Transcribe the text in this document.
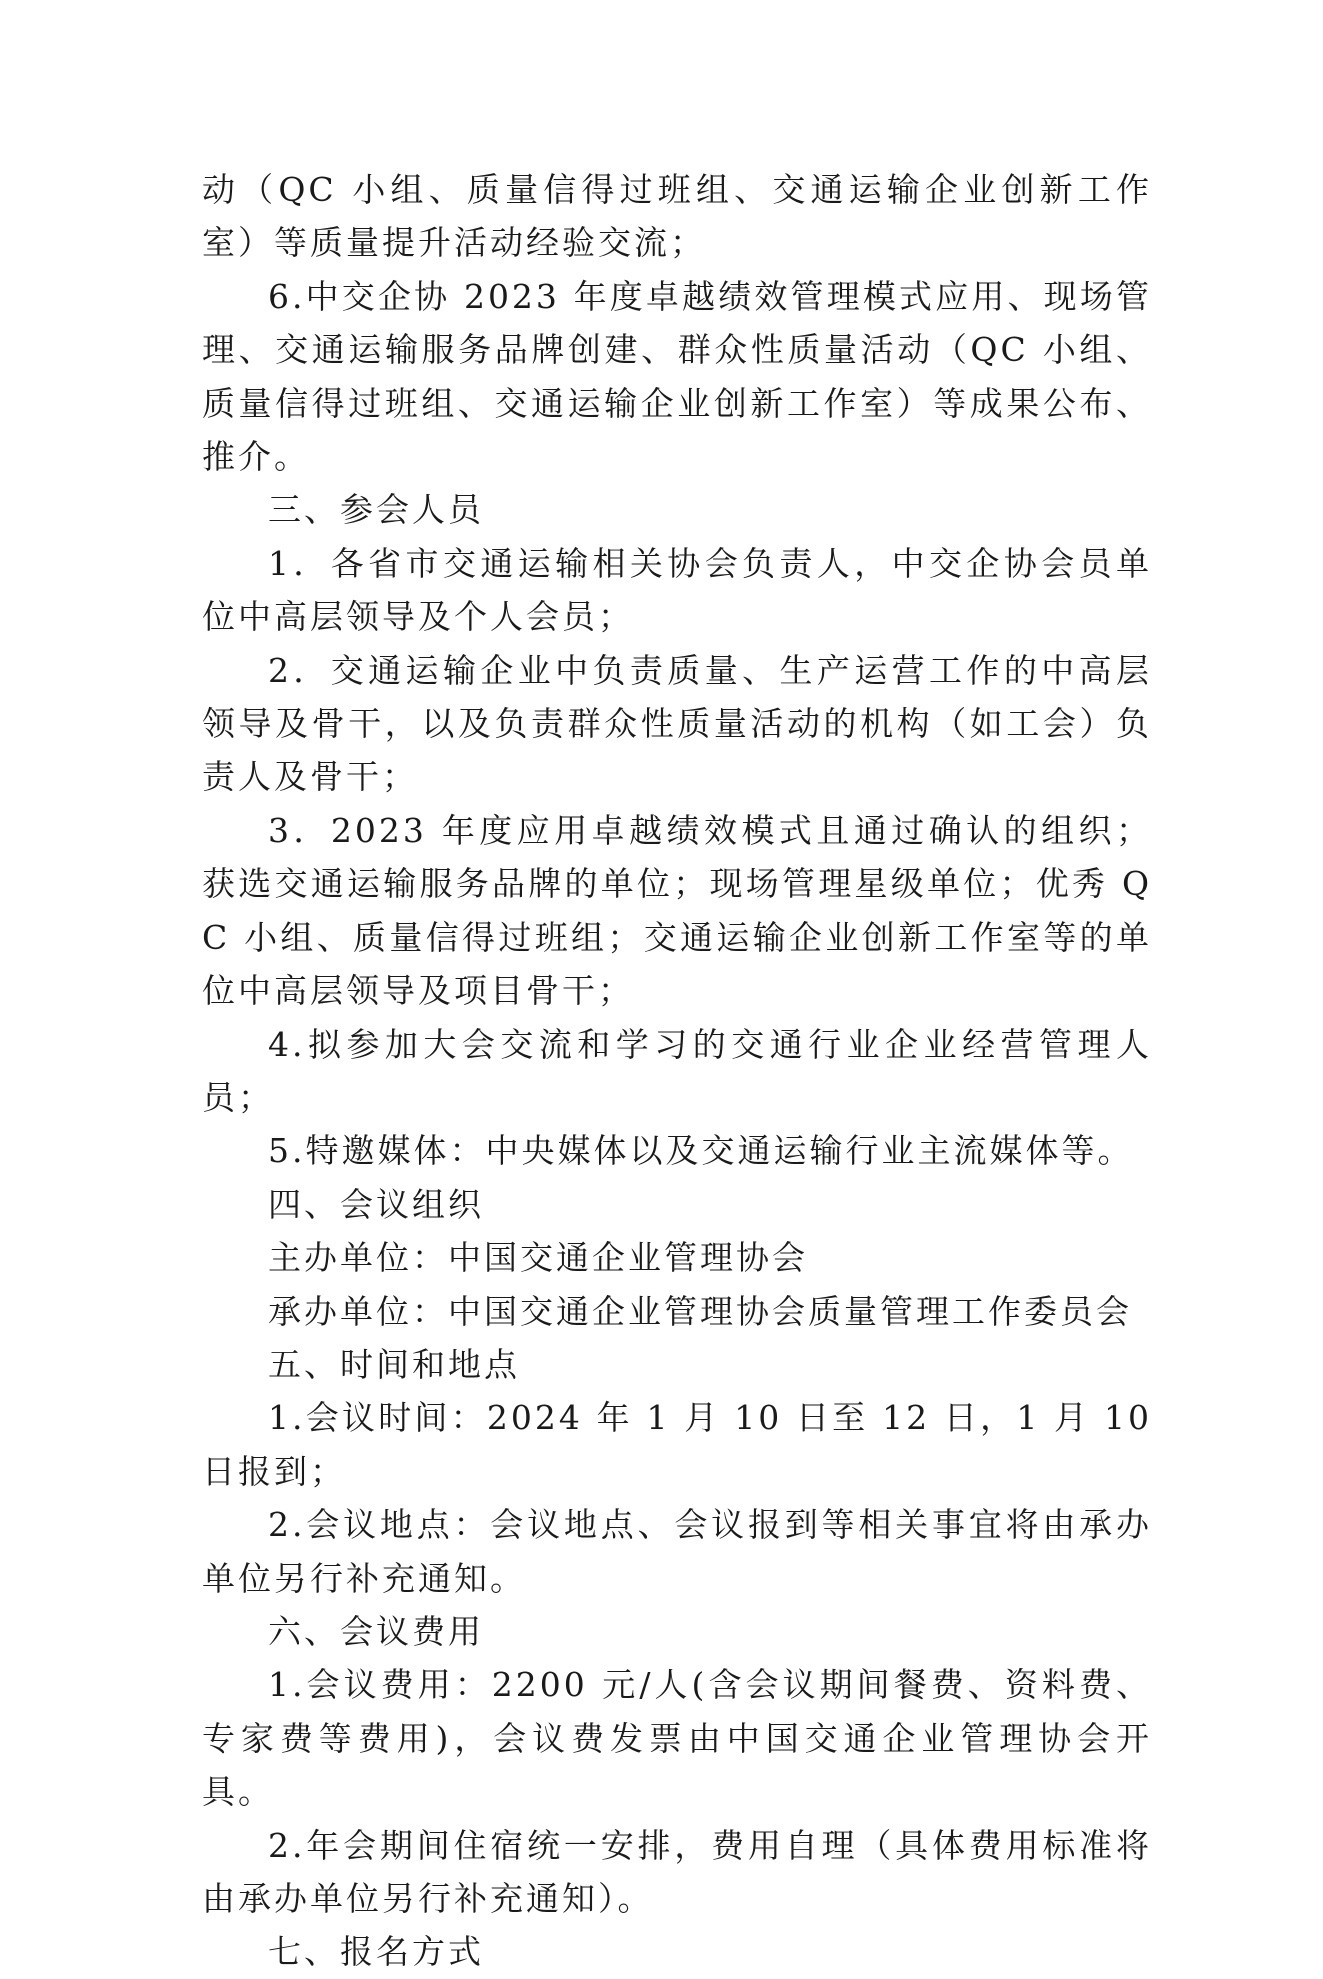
动（QC 小组、质量信得过班组、交通运输企业创新工作室）等质量提升活动经验交流；

6.中交企协 2023 年度卓越绩效管理模式应用、现场管理、交通运输服务品牌创建、群众性质量活动（QC 小组、质量信得过班组、交通运输企业创新工作室）等成果公布、推介。

三、参会人员

1．各省市交通运输相关协会负责人，中交企协会员单位中高层领导及个人会员；

2．交通运输企业中负责质量、生产运营工作的中高层领导及骨干，以及负责群众性质量活动的机构（如工会）负责人及骨干；

3．2023 年度应用卓越绩效模式且通过确认的组织；获选交通运输服务品牌的单位；现场管理星级单位；优秀 QC 小组、质量信得过班组；交通运输企业创新工作室等的单位中高层领导及项目骨干；

4.拟参加大会交流和学习的交通行业企业经营管理人员；

5.特邀媒体：中央媒体以及交通运输行业主流媒体等。

四、会议组织

主办单位：中国交通企业管理协会

承办单位：中国交通企业管理协会质量管理工作委员会

五、时间和地点

1.会议时间：2024 年 1 月 10 日至 12 日，1 月 10 日报到；

2.会议地点：会议地点、会议报到等相关事宜将由承办单位另行补充通知。

六、会议费用

1.会议费用：2200 元/人(含会议期间餐费、资料费、专家费等费用)，会议费发票由中国交通企业管理协会开具。

2.年会期间住宿统一安排，费用自理（具体费用标准将由承办单位另行补充通知）。

七、报名方式
